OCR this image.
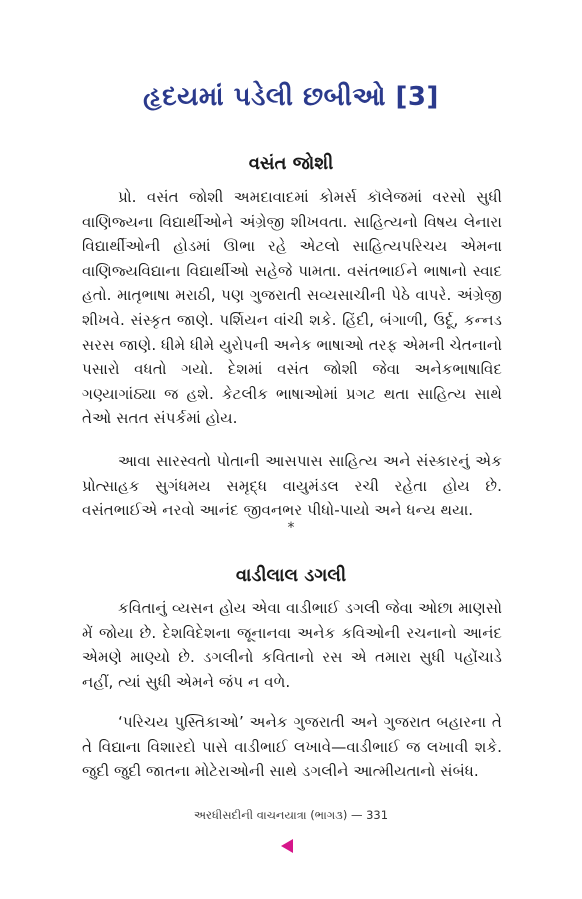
હૃદયમાં પડેલી છબીઓ [3]
વસંત જોશી

પ્રો. વસંત જોશી અમદાવાદમાં કોમર્સ કૉલેજમાં વરસો સુધી વાણિજ્યના વિદ્યાર્થીઓને અંગ્રેજી શીખવતા. સાહિત્યનો વિષય લેનારા વિદ્યાર્થીઓની હોડમાં ઊભા રહે એટલો સાહિત્યપરિચય એમના વાણિજ્યવિદ્યાના વિદ્યાર્થીઓ સહેજે પામતા. વસંતભાઈને ભાષાનો સ્વાદ હતો. માતૃભાષા મરાઠી, પણ ગુજરાતી સવ્યસાચીની પેઠે વાપરે. અંગ્રેજી શીખવે. સંસ્કૃત જાણે. પર્શિયન વાંચી શકે. હિંદી, બંગાળી, ઉર્દૂ, કન્નડ સરસ જાણે. ધીમે ધીમે યુરોપની અનેક ભાષાઓ તરફ એમની ચેતનાનો પસારો વધતો ગયો. દેશમાં વસંત જોશી જેવા અનેકભાષાવિદ ગણ્યાગાંઠ્યા જ હશે. કેટલીક ભાષાઓમાં પ્રગટ થતા સાહિત્ય સાથે તેઓ સતત સંપર્કમાં હોય.

આવા સારસ્વતો પોતાની આસપાસ સાહિત્ય અને સંસ્કારનું એક પ્રોત્સાહક સુગંધમય સમૃદ્ધ વાયુમંડલ રચી રહેતા હોય છે. વસંતભાઈએ નરવો આનંદ જીવનભર પીધો-પાયો અને ધન્ય થયા.

*
વાડીલાલ ડગલી

કવિતાનું વ્યસન હોય એવા વાડીભાઈ ડગલી જેવા ઓછા માણસો મેં જોયા છે. દેશવિદેશના જૂનાનવા અનેક કવિઓની રચનાનો આનંદ એમણે માણ્યો છે. ડગલીનો કવિતાનો રસ એ તમારા સુધી પહોંચાડે નહીં, ત્યાં સુધી એમને જંપ ન વળે.

‘પરિચય પુસ્તિકાઓ’ અનેક ગુજરાતી અને ગુજરાત બહારના તે તે વિદ્યાના વિશારદો પાસે વાડીભાઈ લખાવે—વાડીભાઈ જ લખાવી શકે. જુદી જુદી જાતના મોટેરાઓની સાથે ડગલીને આત્મીયતાનો સંબંધ.

અરધીસદીની વાચનયાત્રા (ભાગ૩) — 331
